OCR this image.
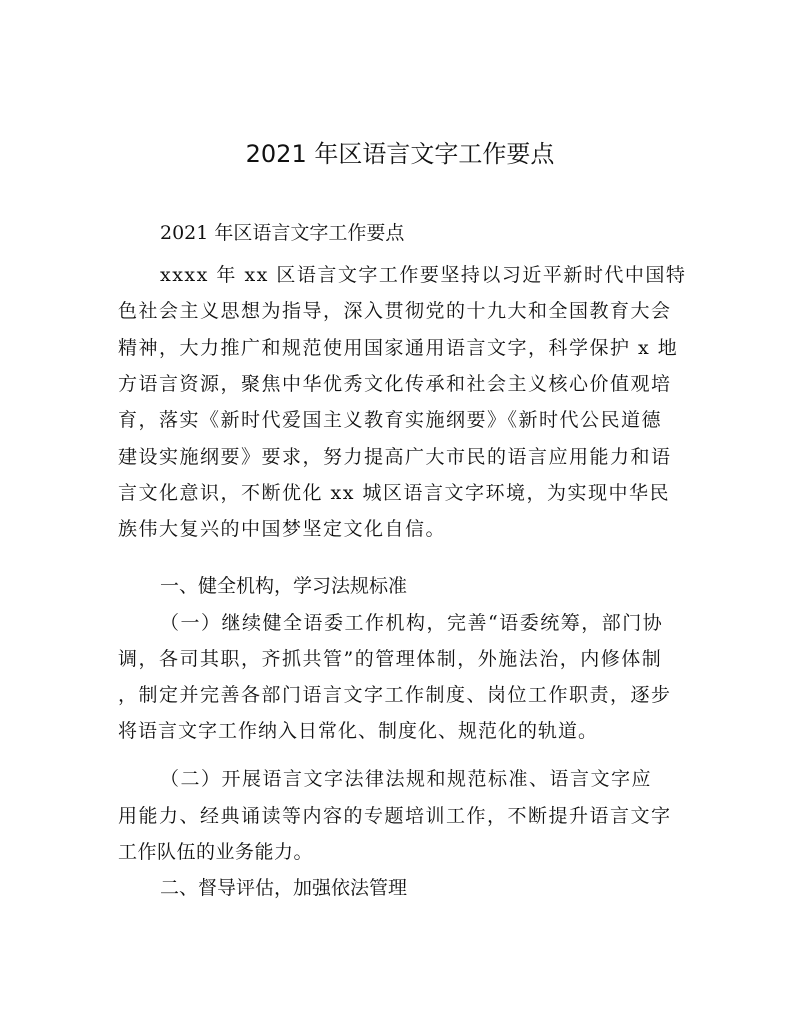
2021 年区语言文字工作要点
2021 年区语言文字工作要点
xxxx 年 xx 区语言文字工作要坚持以习近平新时代中国特
色社会主义思想为指导，深入贯彻党的十九大和全国教育大会
精神，大力推广和规范使用国家通用语言文字，科学保护 x 地
方语言资源，聚焦中华优秀文化传承和社会主义核心价值观培
育，落实《新时代爱国主义教育实施纲要》《新时代公民道德
建设实施纲要》要求，努力提高广大市民的语言应用能力和语
言文化意识，不断优化 xx 城区语言文字环境，为实现中华民
族伟大复兴的中国梦坚定文化自信。
一、健全机构，学习法规标准
（一）继续健全语委工作机构，完善“语委统筹，部门协
调，各司其职，齐抓共管”的管理体制，外施法治，内修体制
，制定并完善各部门语言文字工作制度、岗位工作职责，逐步
将语言文字工作纳入日常化、制度化、规范化的轨道。
（二）开展语言文字法律法规和规范标准、语言文字应
用能力、经典诵读等内容的专题培训工作，不断提升语言文字
工作队伍的业务能力。
二、督导评估，加强依法管理
